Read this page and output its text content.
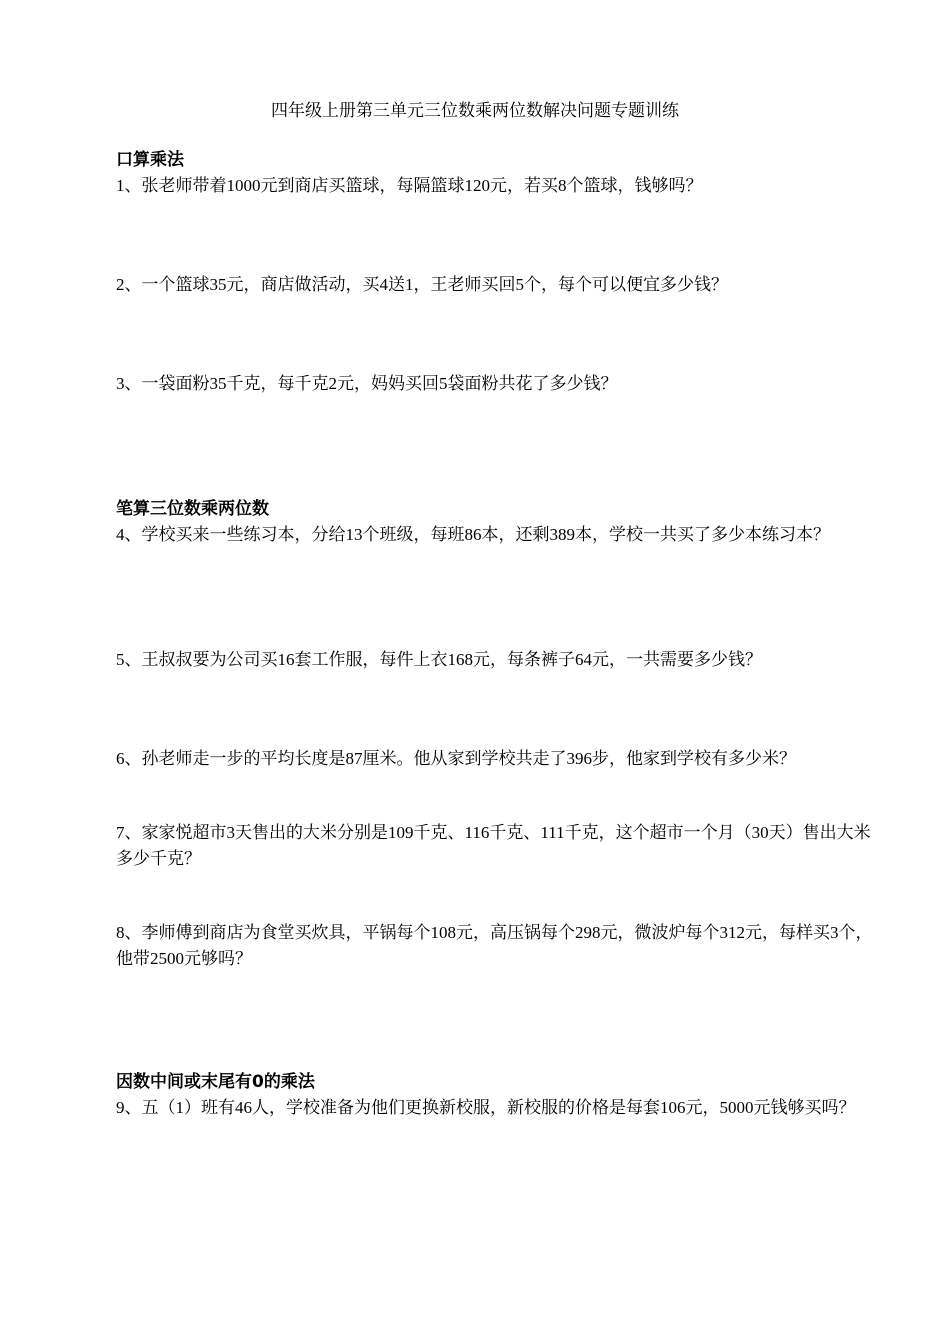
四年级上册第三单元三位数乘两位数解决问题专题训练
口算乘法
1、张老师带着1000元到商店买篮球，每隔篮球120元，若买8个篮球，钱够吗？
2、一个篮球35元，商店做活动，买4送1，王老师买回5个，每个可以便宜多少钱？
3、一袋面粉35千克，每千克2元，妈妈买回5袋面粉共花了多少钱？
笔算三位数乘两位数
4、学校买来一些练习本，分给13个班级，每班86本，还剩389本，学校一共买了多少本练习本？
5、王叔叔要为公司买16套工作服，每件上衣168元，每条裤子64元，一共需要多少钱？
6、孙老师走一步的平均长度是87厘米。他从家到学校共走了396步，他家到学校有多少米？
7、家家悦超市3天售出的大米分别是109千克、116千克、111千克，这个超市一个月（30天）售出大米多少千克？
8、李师傅到商店为食堂买炊具，平锅每个108元，高压锅每个298元，微波炉每个312元，每样买3个，他带2500元够吗？
因数中间或末尾有0的乘法
9、五（1）班有46人，学校准备为他们更换新校服，新校服的价格是每套106元，5000元钱够买吗？
